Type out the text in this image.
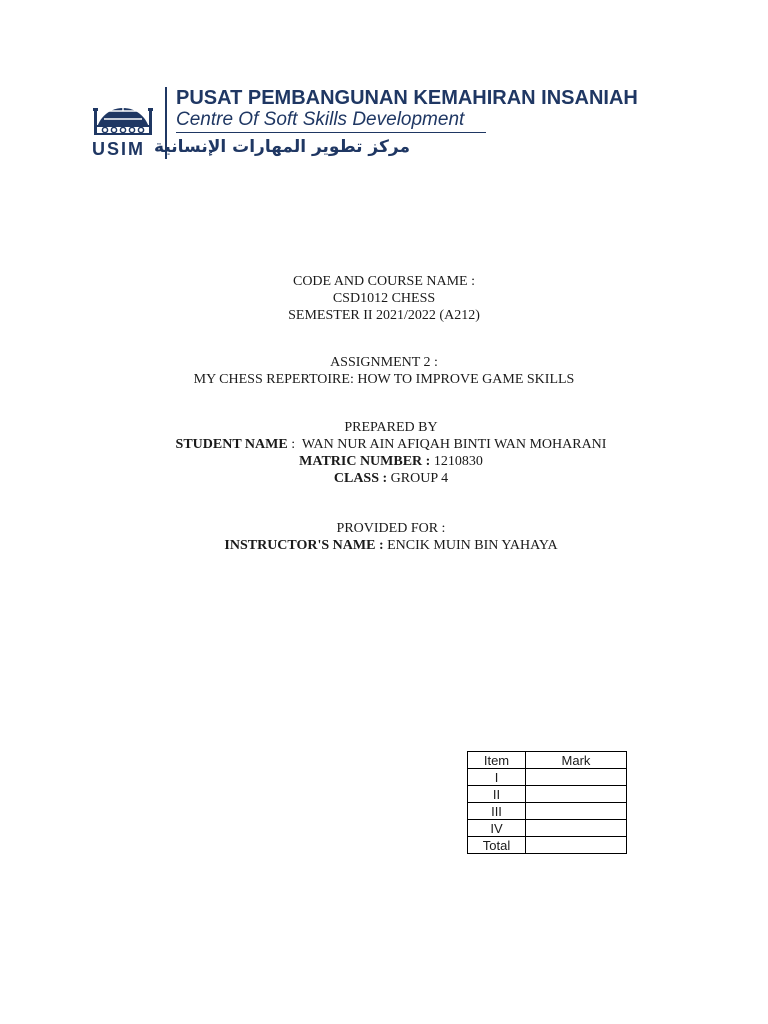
USIM
PUSAT PEMBANGUNAN KEMAHIRAN INSANIAH
Centre Of Soft Skills Development
مركز تطوير المهارات الإنسانية
CODE AND COURSE NAME :
CSD1012 CHESS
SEMESTER II 2021/2022 (A212)
ASSIGNMENT 2 :
MY CHESS REPERTOIRE: HOW TO IMPROVE GAME SKILLS
PREPARED BY
STUDENT NAME :  WAN NUR AIN AFIQAH BINTI WAN MOHARANI
MATRIC NUMBER : 1210830
CLASS : GROUP 4
PROVIDED FOR :
INSTRUCTOR'S NAME : ENCIK MUIN BIN YAHAYA
Item	Mark
I	
II	
III	
IV	
Total	
